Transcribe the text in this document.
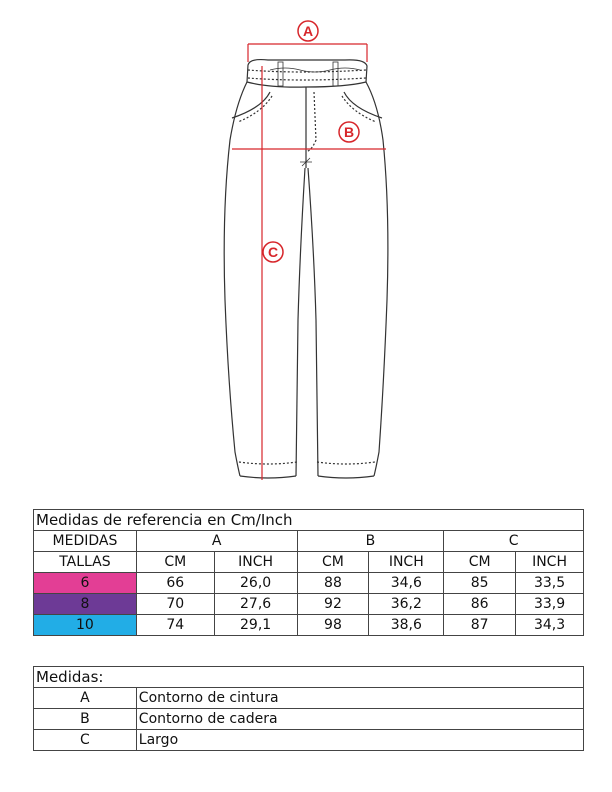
A
B
C
Medidas de referencia en Cm/Inch						
MEDIDAS	A		B		C	
TALLAS	CM	INCH	CM	INCH	CM	INCH
6	66	26,0	88	34,6	85	33,5
8	70	27,6	92	36,2	86	33,9
10	74	29,1	98	38,6	87	34,3
Medidas:	
A	Contorno de cintura
B	Contorno de cadera
C	Largo
